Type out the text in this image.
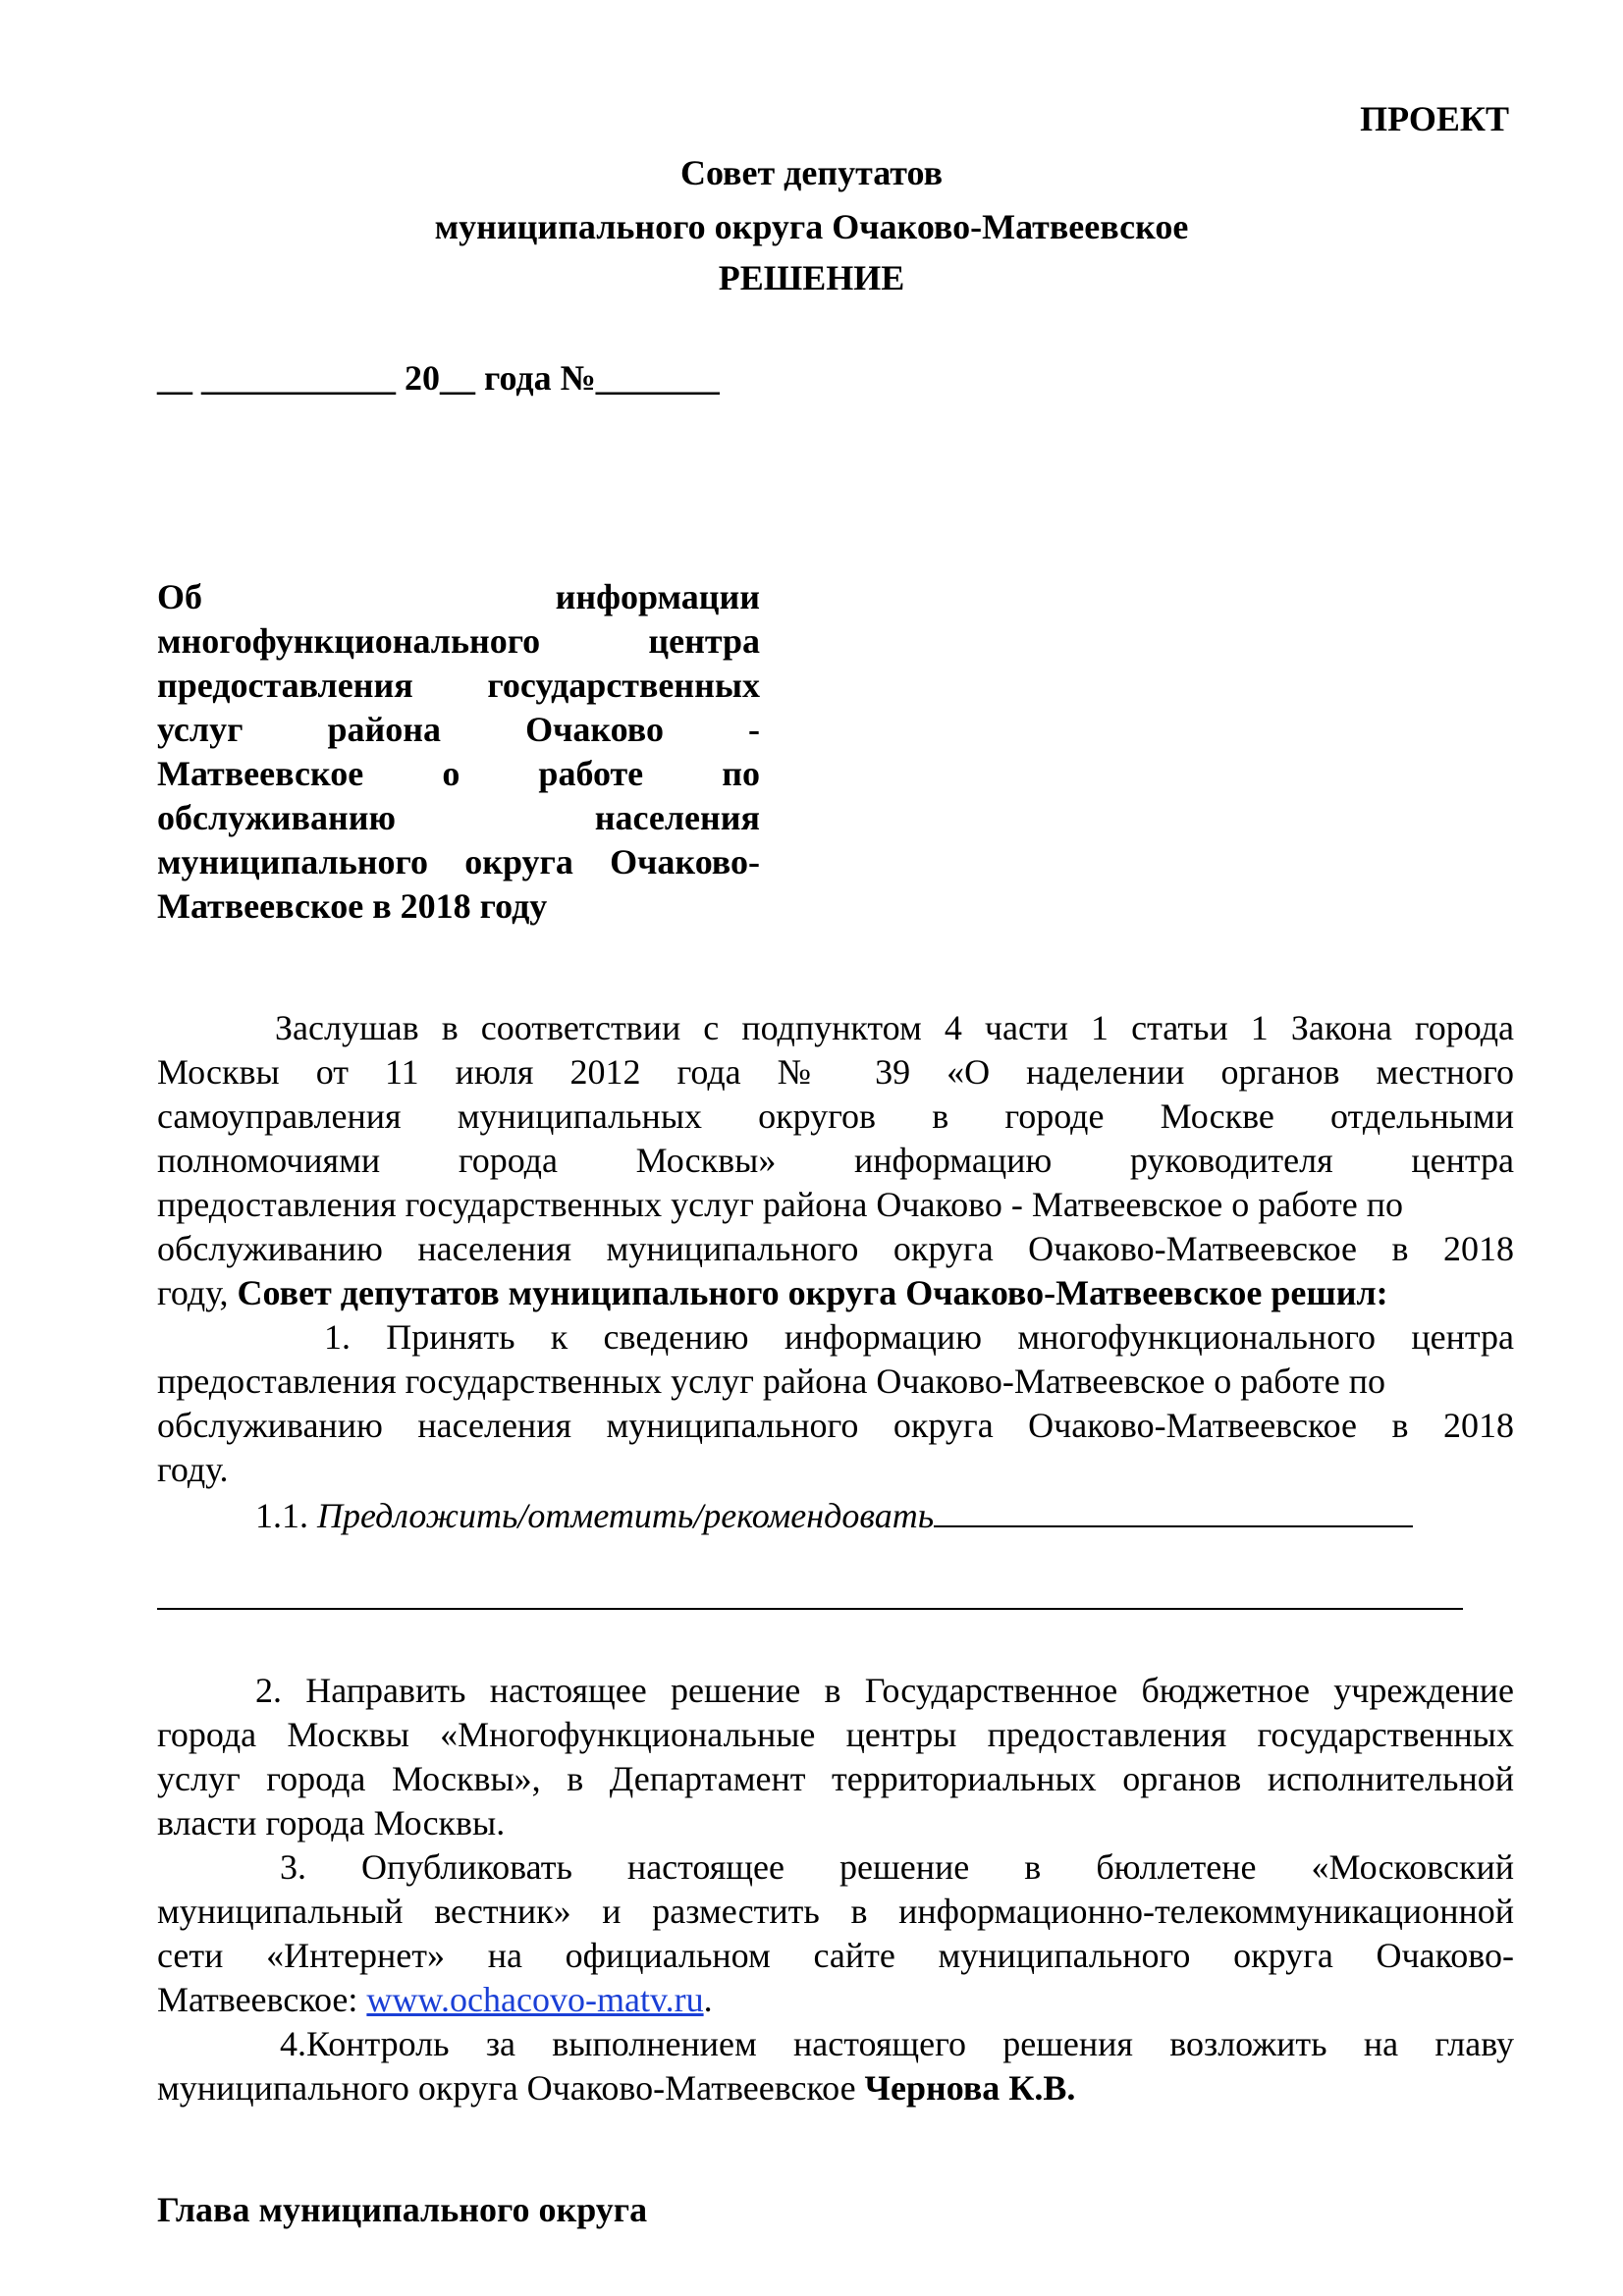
ПРОЕКТ
Совет депутатов
муниципального округа Очаково-Матвеевское
РЕШЕНИЕ
__ ___________ 20__ года №_______
Об информации
многофункционального центра
предоставления государственных
услуг района Очаково -
Матвеевское о работе по
обслуживанию населения
муниципального округа Очаково-
Матвеевское в 2018 году
Заслушав в соответствии с подпунктом 4 части 1 статьи 1 Закона города
Москвы от 11 июля 2012 года № 39 «О наделении органов местного
самоуправления муниципальных округов в городе Москве отдельными
полномочиями города Москвы» информацию руководителя центра
предоставления государственных услуг района Очаково - Матвеевское о работе по
обслуживанию населения муниципального округа Очаково-Матвеевское в 2018
году, Совет депутатов муниципального округа Очаково-Матвеевское решил:
1. Принять к сведению информацию многофункционального центра
предоставления государственных услуг района Очаково-Матвеевское о работе по
обслуживанию населения муниципального округа Очаково-Матвеевское в 2018
году.
1.1. Предложить/отметить/рекомендовать
2. Направить настоящее решение в Государственное бюджетное учреждение
города Москвы «Многофункциональные центры предоставления государственных
услуг города Москвы», в Департамент территориальных органов исполнительной
власти города Москвы.
3. Опубликовать настоящее решение в бюллетене «Московский
муниципальный вестник» и разместить в информационно-телекоммуникационной
сети «Интернет» на официальном сайте муниципального округа Очаково-
Матвеевское: www.ochacovo-matv.ru.
4.Контроль за выполнением настоящего решения возложить на главу
муниципального округа Очаково-Матвеевское Чернова К.В.
Глава муниципального округа
